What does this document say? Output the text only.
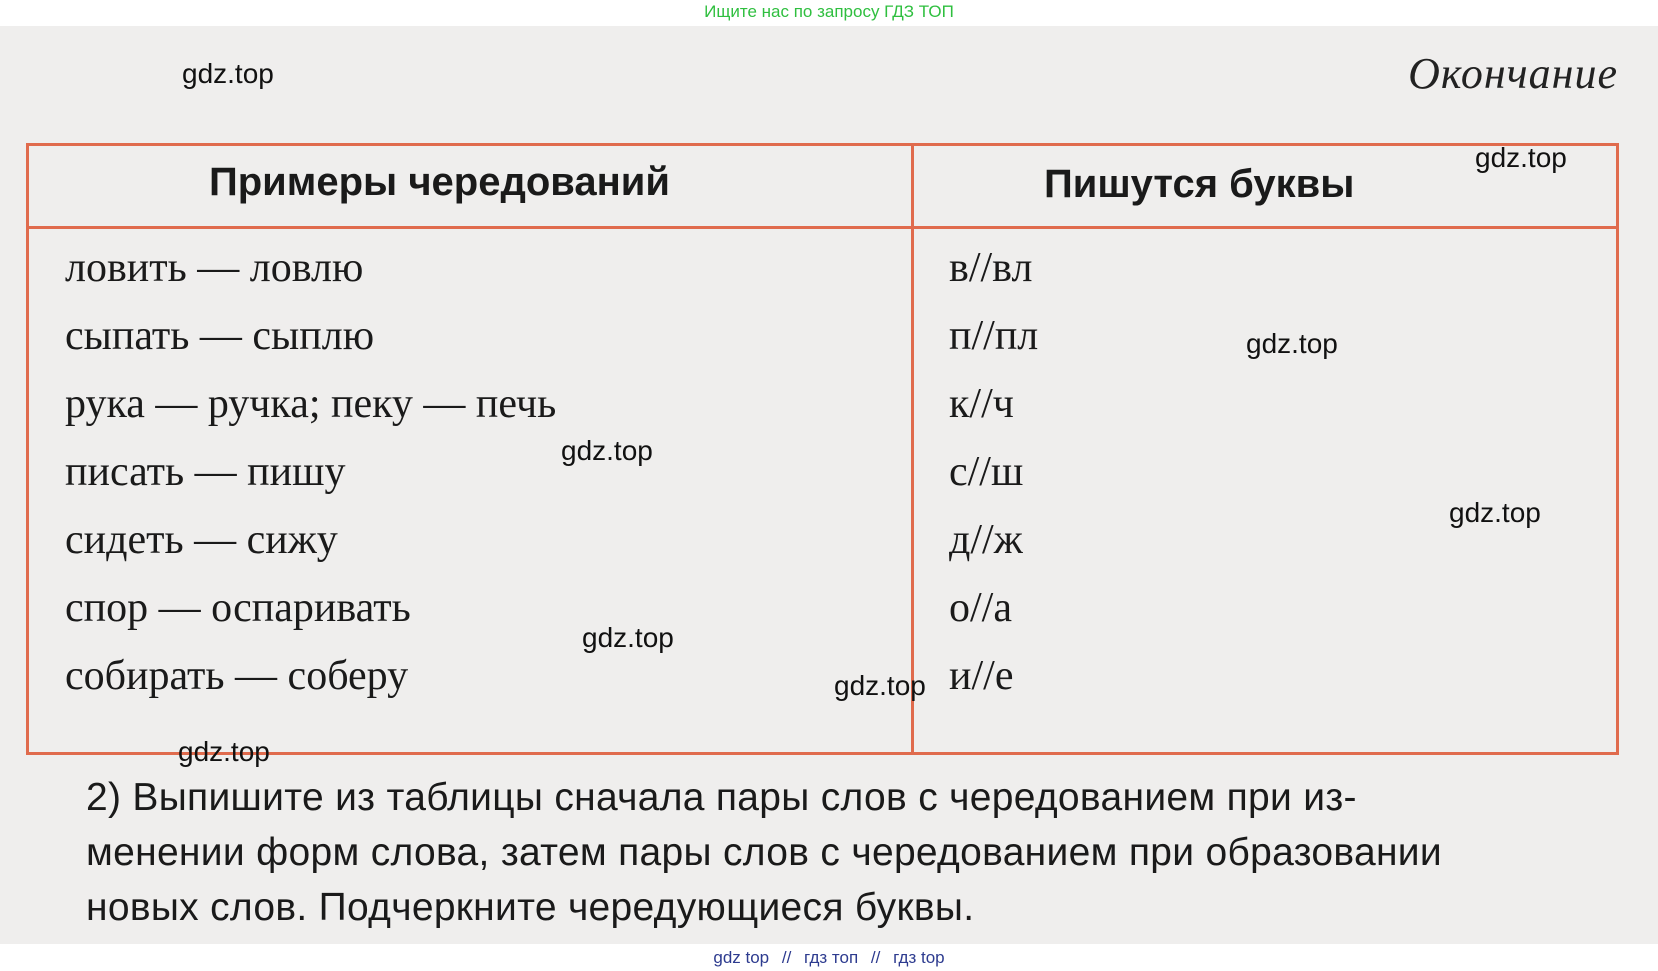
Ищите нас по запросу ГДЗ ТОП
Окончание
Примеры чередований	Пишутся буквы
ловить — ловлю	в//вл
сыпать — сыплю	п//пл
рука — ручка; пеку — печь	к//ч
писать — пишу	с//ш
сидеть — сижу	д//ж
спор — оспаривать	о//а
собирать — соберу	и//е
2) Выпишите из таблицы сначала пары слов с чередованием при из-
менении форм слова, затем пары слов с чередованием при образовании
новых слов. Подчеркните чередующиеся буквы.
gdz.top
gdz.top
gdz.top
gdz.top
gdz.top
gdz.top
gdz.top
gdz.top
gdz top // гдз топ // гдз top
